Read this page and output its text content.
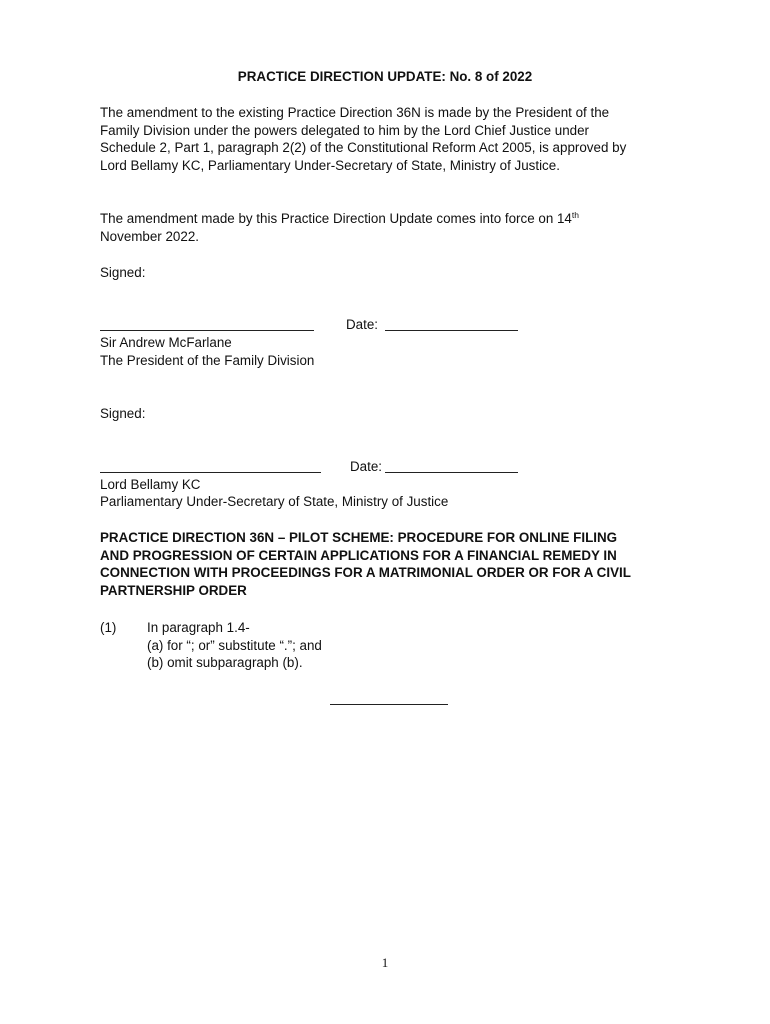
PRACTICE DIRECTION UPDATE: No. 8 of 2022
The amendment to the existing Practice Direction 36N is made by the President of the
Family Division under the powers delegated to him by the Lord Chief Justice under
Schedule 2, Part 1, paragraph 2(2) of the Constitutional Reform Act 2005, is approved by
Lord Bellamy KC, Parliamentary Under-Secretary of State, Ministry of Justice.
The amendment made by this Practice Direction Update comes into force on 14th
November 2022.
Signed:
Date:
Sir Andrew McFarlane
The President of the Family Division
Signed:
Date:
Lord Bellamy KC
Parliamentary Under-Secretary of State, Ministry of Justice
PRACTICE DIRECTION 36N – PILOT SCHEME: PROCEDURE FOR ONLINE FILING
AND PROGRESSION OF CERTAIN APPLICATIONS FOR A FINANCIAL REMEDY IN
CONNECTION WITH PROCEEDINGS FOR A MATRIMONIAL ORDER OR FOR A CIVIL
PARTNERSHIP ORDER
(1) In paragraph 1.4-
(a) for “; or” substitute “.”; and
(b) omit subparagraph (b).
1
